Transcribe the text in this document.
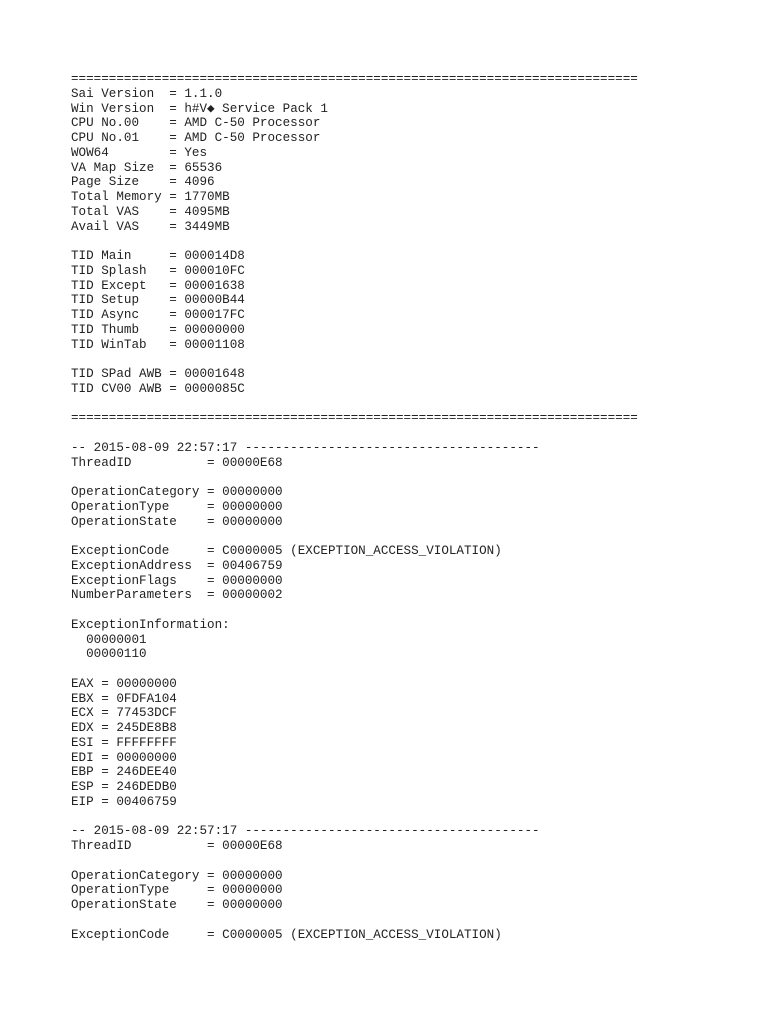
===========================================================================
Sai Version  = 1.1.0
Win Version  = h#V◆ Service Pack 1
CPU No.00    = AMD C-50 Processor
CPU No.01    = AMD C-50 Processor
WOW64        = Yes
VA Map Size  = 65536
Page Size    = 4096
Total Memory = 1770MB
Total VAS    = 4095MB
Avail VAS    = 3449MB
TID Main     = 000014D8
TID Splash   = 000010FC
TID Except   = 00001638
TID Setup    = 00000B44
TID Async    = 000017FC
TID Thumb    = 00000000
TID WinTab   = 00001108
TID SPad AWB = 00001648
TID CV00 AWB = 0000085C
===========================================================================
-- 2015-08-09 22:57:17 ---------------------------------------
ThreadID          = 00000E68
OperationCategory = 00000000
OperationType     = 00000000
OperationState    = 00000000
ExceptionCode     = C0000005 (EXCEPTION_ACCESS_VIOLATION)
ExceptionAddress  = 00406759
ExceptionFlags    = 00000000
NumberParameters  = 00000002
ExceptionInformation:
00000001
00000110
EAX = 00000000
EBX = 0FDFA104
ECX = 77453DCF
EDX = 245DE8B8
ESI = FFFFFFFF
EDI = 00000000
EBP = 246DEE40
ESP = 246DEDB0
EIP = 00406759
-- 2015-08-09 22:57:17 ---------------------------------------
ThreadID          = 00000E68
OperationCategory = 00000000
OperationType     = 00000000
OperationState    = 00000000
ExceptionCode     = C0000005 (EXCEPTION_ACCESS_VIOLATION)
